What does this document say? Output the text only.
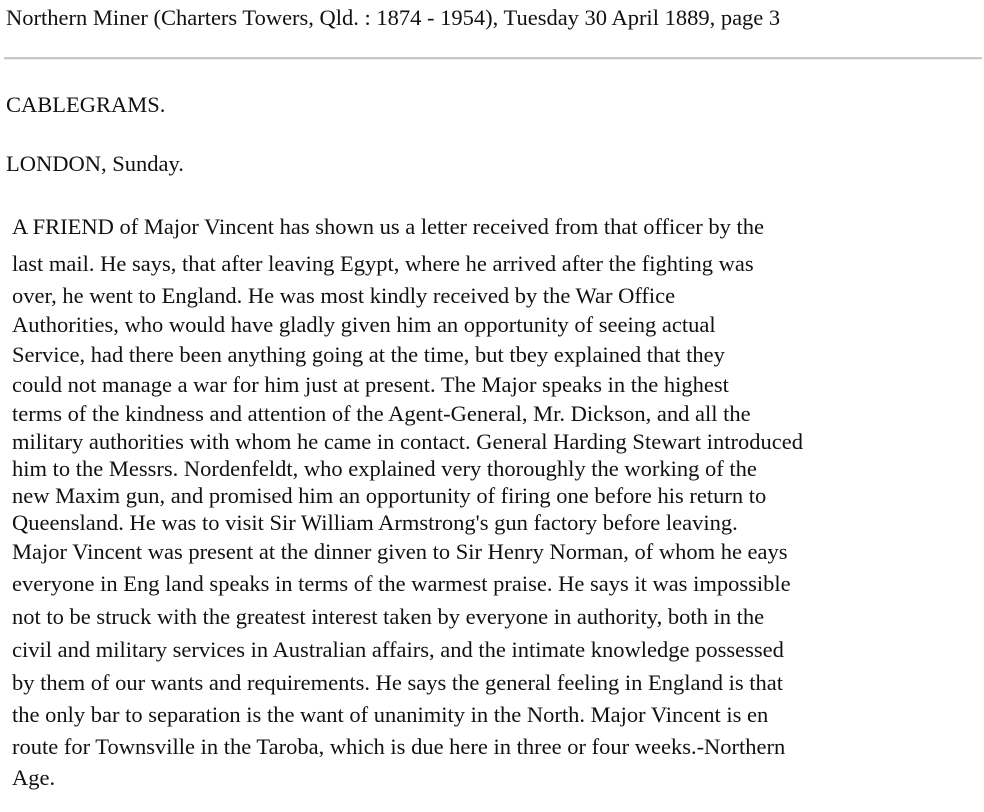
Northern Miner (Charters Towers, Qld. : 1874 - 1954), Tuesday 30 April 1889, page 3
CABLEGRAMS.
LONDON, Sunday.
A FRIEND of Major Vincent has shown us a letter received from that officer by the
last mail. He says, that after leaving Egypt, where he arrived after the fighting was
over, he went to England. He was most kindly received by the War Office
Authorities, who would have gladly given him an opportunity of seeing actual
Service, had there been anything going at the time, but tbey explained that they
could not manage a war for him just at present. The Major speaks in the highest
terms of the kindness and attention of the Agent-General, Mr. Dickson, and all the
military authorities with whom he came in contact. General Harding Stewart introduced
him to the Messrs. Nordenfeldt, who explained very thoroughly the working of the
new Maxim gun, and promised him an opportunity of firing one before his return to
Queensland. He was to visit Sir William Armstrong's gun factory before leaving.
Major Vincent was present at the dinner given to Sir Henry Norman, of whom he eays
everyone in Eng land speaks in terms of the warmest praise. He says it was impossible
not to be struck with the greatest interest taken by everyone in authority, both in the
civil and military services in Australian affairs, and the intimate knowledge possessed
by them of our wants and requirements. He says the general feeling in England is that
the only bar to separation is the want of unanimity in the North. Major Vincent is en
route for Townsville in the Taroba, which is due here in three or four weeks.-Northern
Age.
